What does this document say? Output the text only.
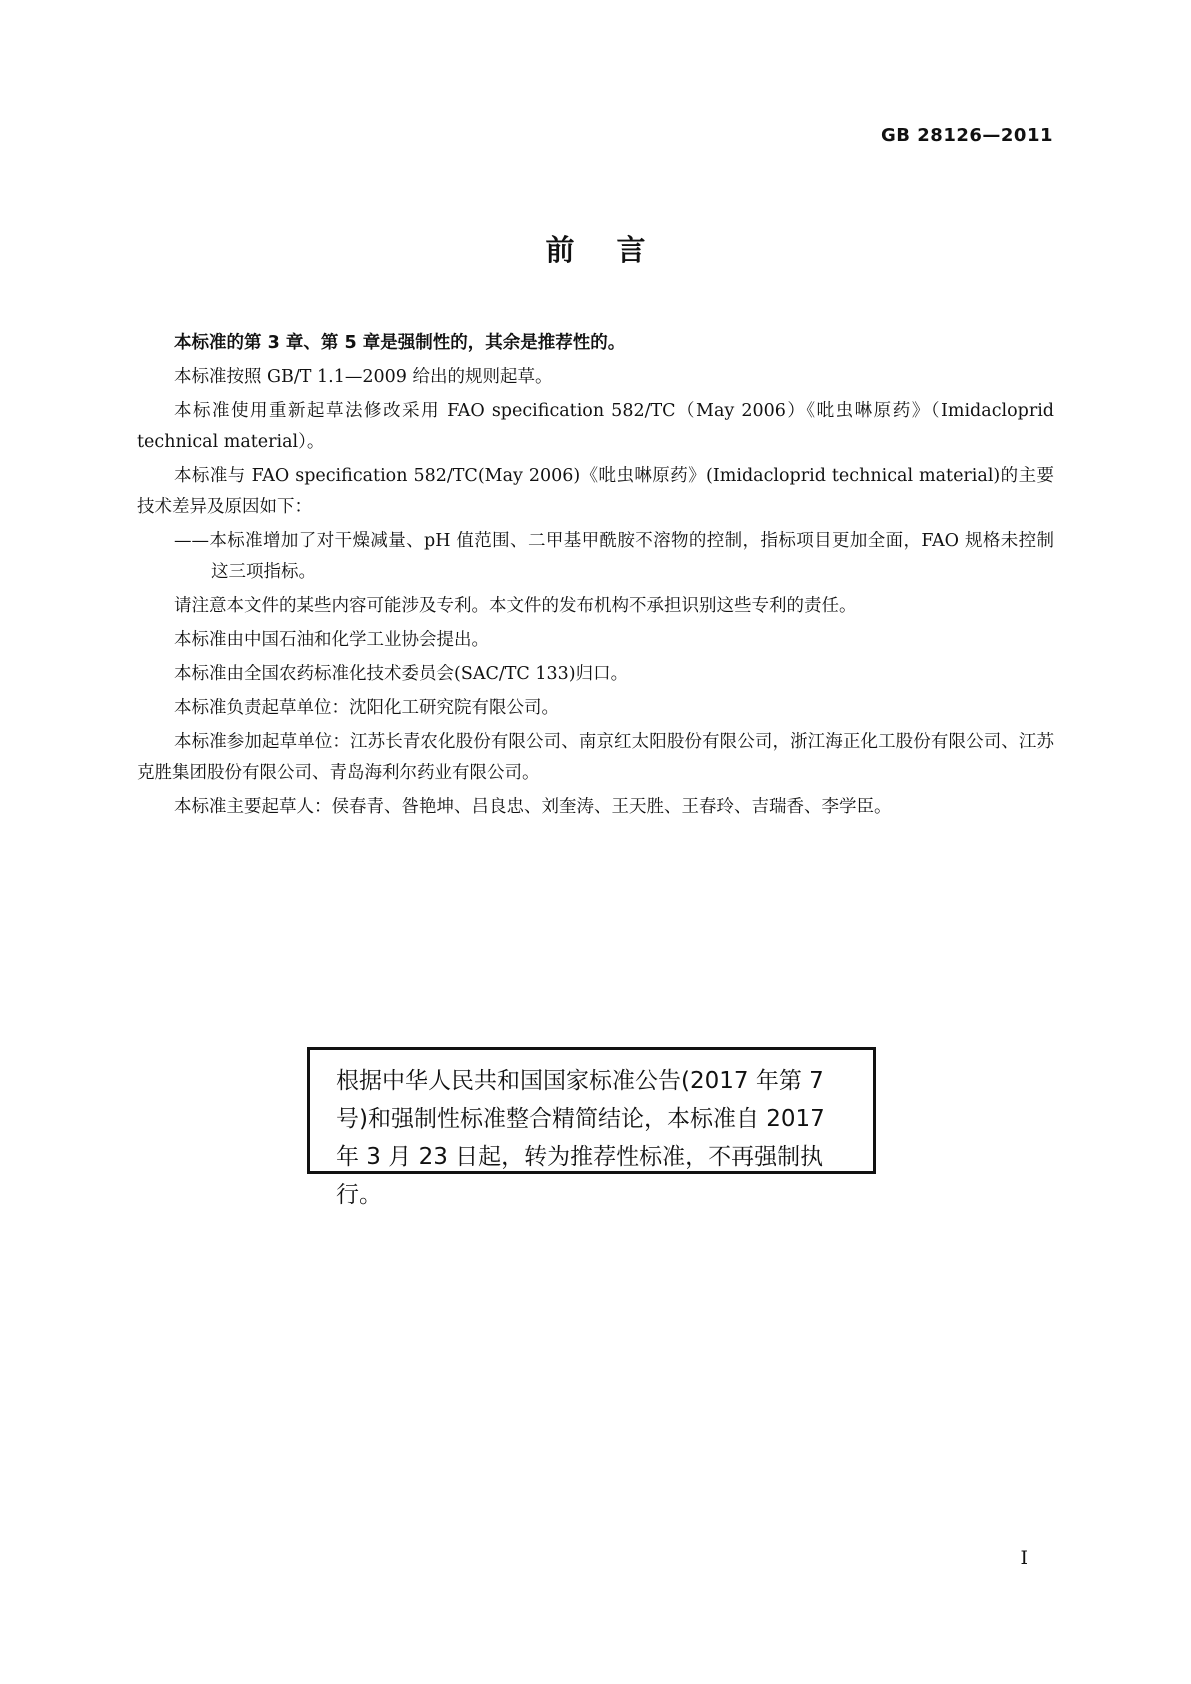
GB 28126—2011
前言

本标准的第 3 章、第 5 章是强制性的，其余是推荐性的。

本标准按照 GB/T 1.1—2009 给出的规则起草。

本标准使用重新起草法修改采用 FAO specification 582/TC（May 2006）《吡虫啉原药》（Imidacloprid technical material）。

本标准与 FAO specification 582/TC(May 2006)《吡虫啉原药》(Imidacloprid technical material)的主要技术差异及原因如下：

——本标准增加了对干燥减量、pH 值范围、二甲基甲酰胺不溶物的控制，指标项目更加全面，FAO 规格未控制这三项指标。

请注意本文件的某些内容可能涉及专利。本文件的发布机构不承担识别这些专利的责任。

本标准由中国石油和化学工业协会提出。

本标准由全国农药标准化技术委员会(SAC/TC 133)归口。

本标准负责起草单位：沈阳化工研究院有限公司。

本标准参加起草单位：江苏长青农化股份有限公司、南京红太阳股份有限公司，浙江海正化工股份有限公司、江苏克胜集团股份有限公司、青岛海利尔药业有限公司。

本标准主要起草人：侯春青、昝艳坤、吕良忠、刘奎涛、王天胜、王春玲、吉瑞香、李学臣。

根据中华人民共和国国家标准公告(2017 年第 7
号)和强制性标准整合精简结论，本标准自 2017
年 3 月 23 日起，转为推荐性标准，不再强制执行。
I
